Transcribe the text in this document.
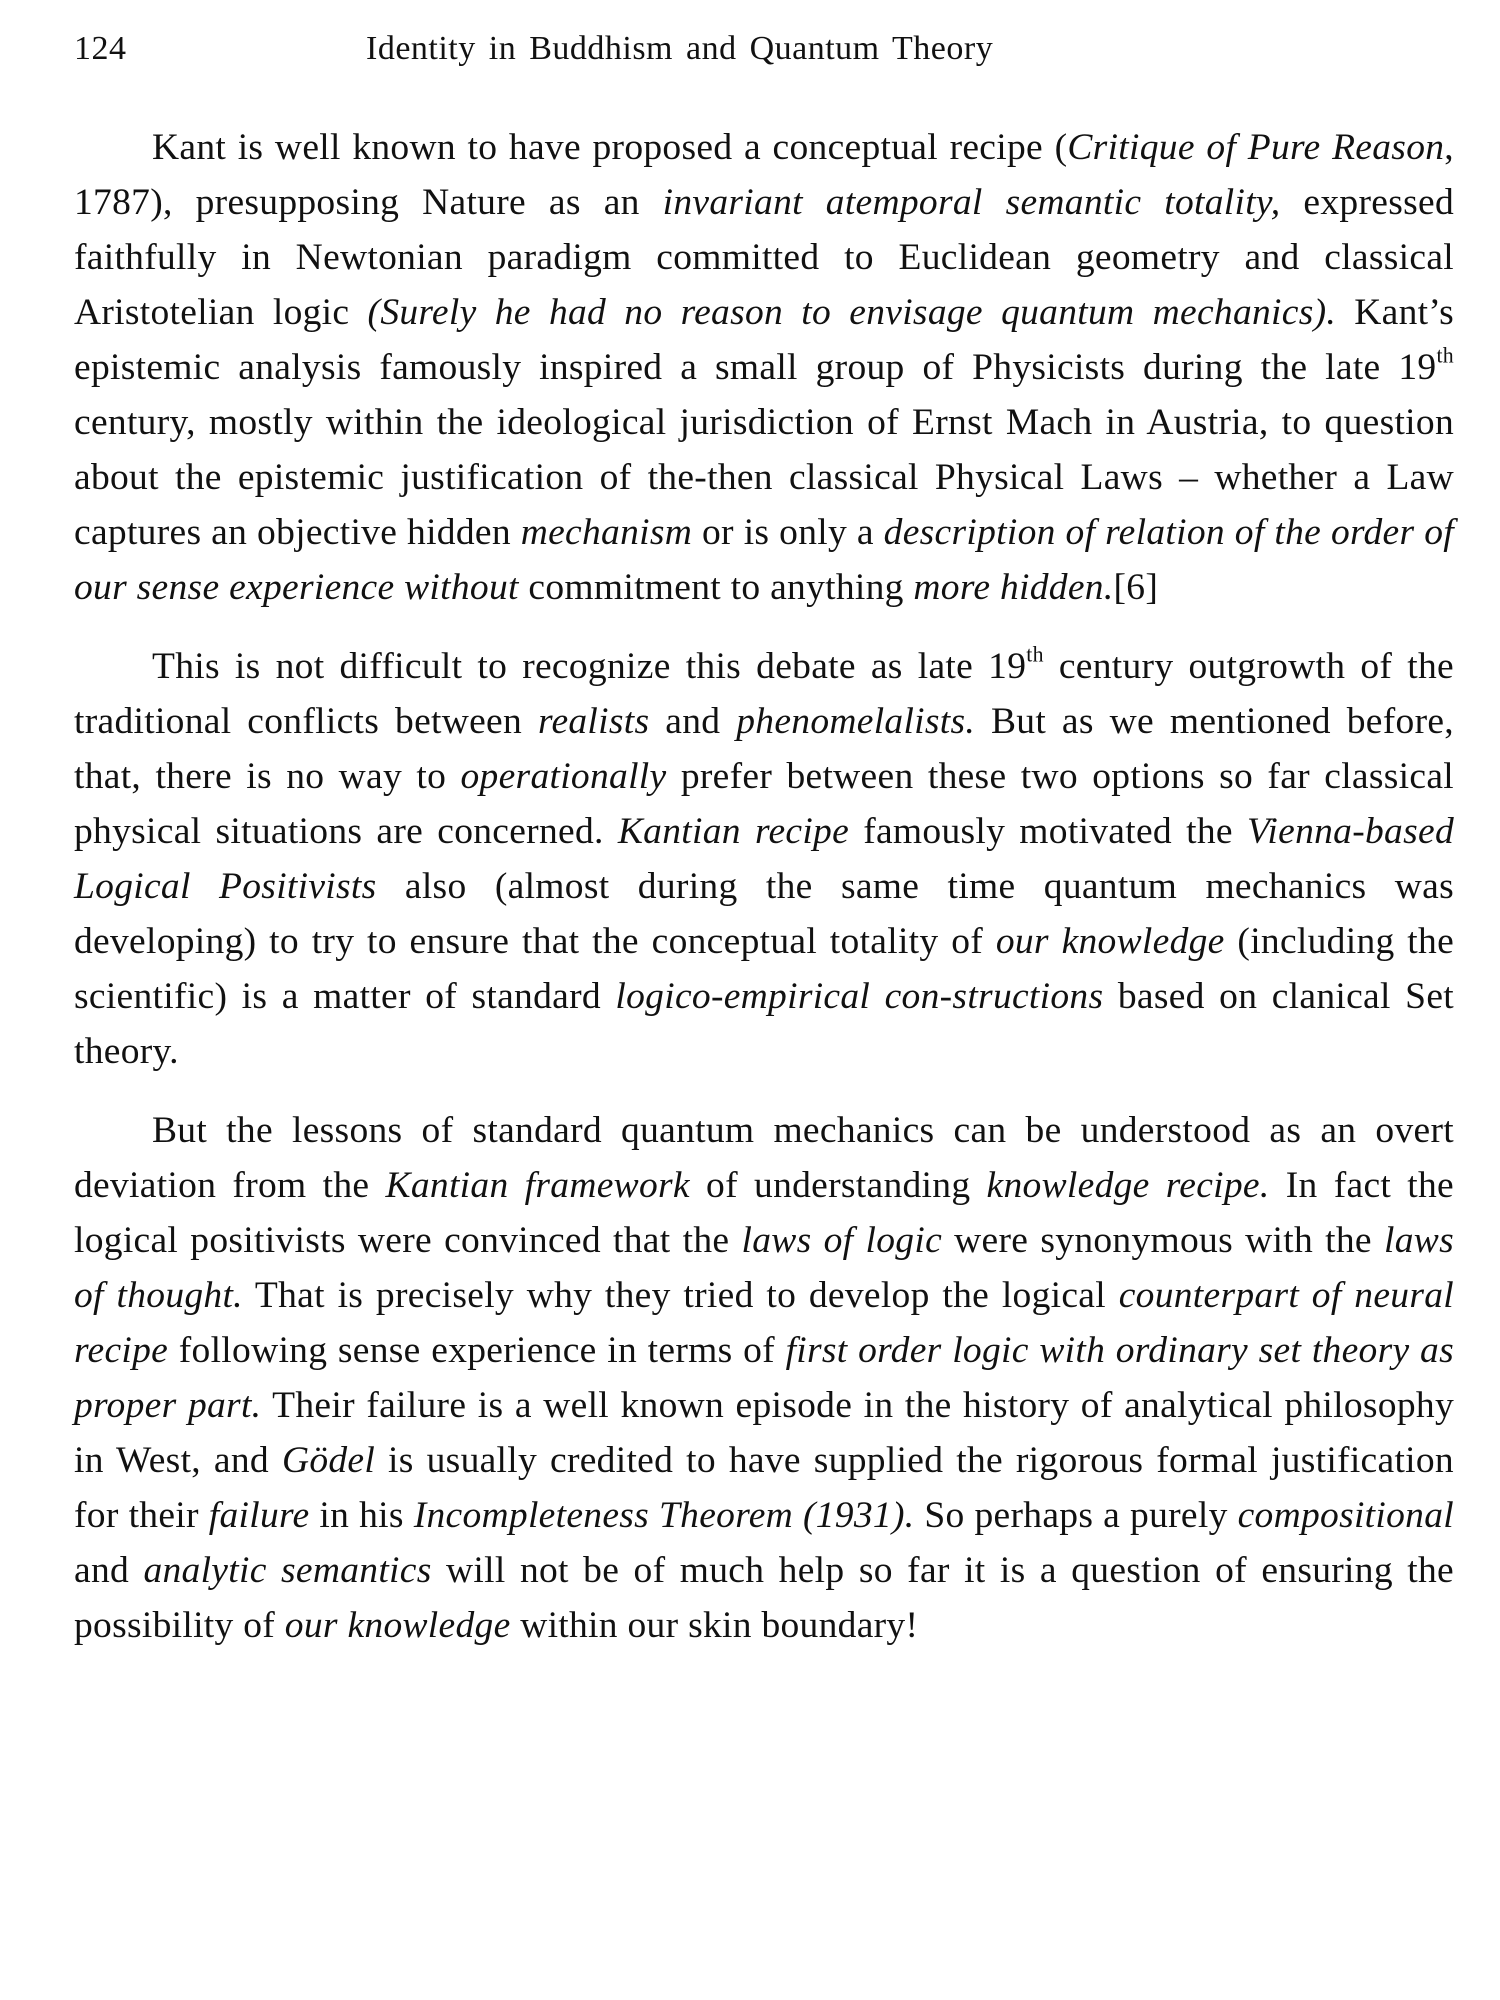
124	Identity in Buddhism and Quantum Theory

Kant is well known to have proposed a conceptual recipe (Critique of Pure Reason, 1787), presupposing Nature as an invariant atemporal semantic totality, expressed faithfully in Newtonian paradigm committed to Euclidean geometry and classical Aristotelian logic (Surely he had no reason to envisage quantum mechanics). Kant’s epistemic analysis famously inspired a small group of Physicists during the late 19th century, mostly within the ideological jurisdiction of Ernst Mach in Austria, to question about the epistemic justification of the-then classical Physical Laws – whether a Law captures an objective hidden mechanism or is only a description of relation of the order of our sense experience without commitment to anything more hidden.[6]

This is not difficult to recognize this debate as late 19th century outgrowth of the traditional conflicts between realists and phenomelalists. But as we mentioned before, that, there is no way to operationally prefer between these two options so far classical physical situations are concerned. Kantian recipe famously motivated the Vienna-based Logical Positivists also (almost during the same time quantum mechanics was developing) to try to ensure that the conceptual totality of our knowledge (including the scientific) is a matter of standard logico-empirical con-structions based on clanical Set theory.

But the lessons of standard quantum mechanics can be understood as an overt deviation from the Kantian framework of understanding knowledge recipe. In fact the logical positivists were convinced that the laws of logic were synonymous with the laws of thought. That is precisely why they tried to develop the logical counterpart of neural recipe following sense experience in terms of first order logic with ordinary set theory as proper part. Their failure is a well known episode in the history of analytical philosophy in West, and Gödel is usually credited to have supplied the rigorous formal justification for their failure in his Incompleteness Theorem (1931). So perhaps a purely compositional and analytic semantics will not be of much help so far it is a question of ensuring the possibility of our knowledge within our skin boundary!
